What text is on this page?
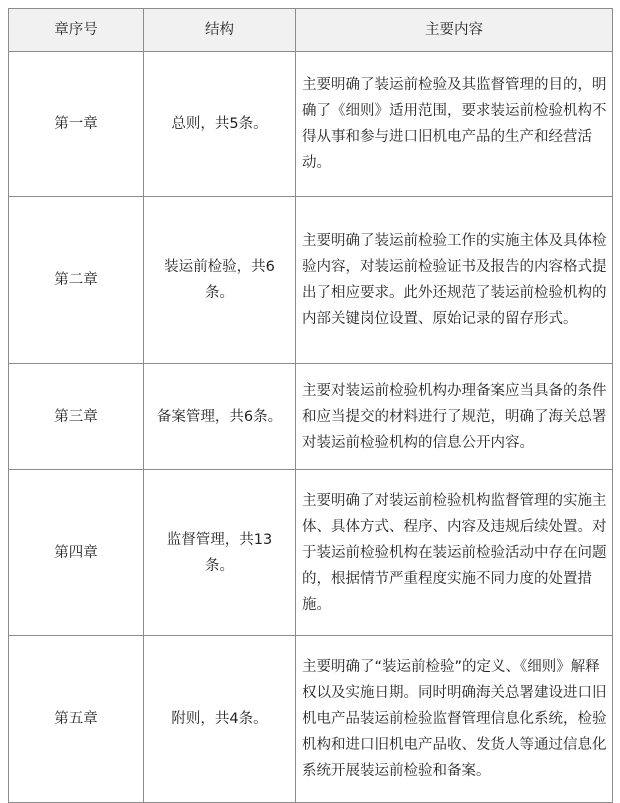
章序号	结构	主要内容
第一章	总则，共5条。	主要明确了装运前检验及其监督管理的目的，明确了《细则》适用范围，要求装运前检验机构不得从事和参与进口旧机电产品的生产和经营活动。
第二章	装运前检验，共6条。	主要明确了装运前检验工作的实施主体及具体检验内容，对装运前检验证书及报告的内容格式提出了相应要求。此外还规范了装运前检验机构的内部关键岗位设置、原始记录的留存形式。
第三章	备案管理，共6条。	主要对装运前检验机构办理备案应当具备的条件和应当提交的材料进行了规范，明确了海关总署对装运前检验机构的信息公开内容。
第四章	监督管理，共13条。	主要明确了对装运前检验机构监督管理的实施主体、具体方式、程序、内容及违规后续处置。对于装运前检验机构在装运前检验活动中存在问题的，根据情节严重程度实施不同力度的处置措施。
第五章	附则，共4条。	主要明确了“装运前检验”的定义、《细则》解释权以及实施日期。同时明确海关总署建设进口旧机电产品装运前检验监督管理信息化系统，检验机构和进口旧机电产品收、发货人等通过信息化系统开展装运前检验和备案。
